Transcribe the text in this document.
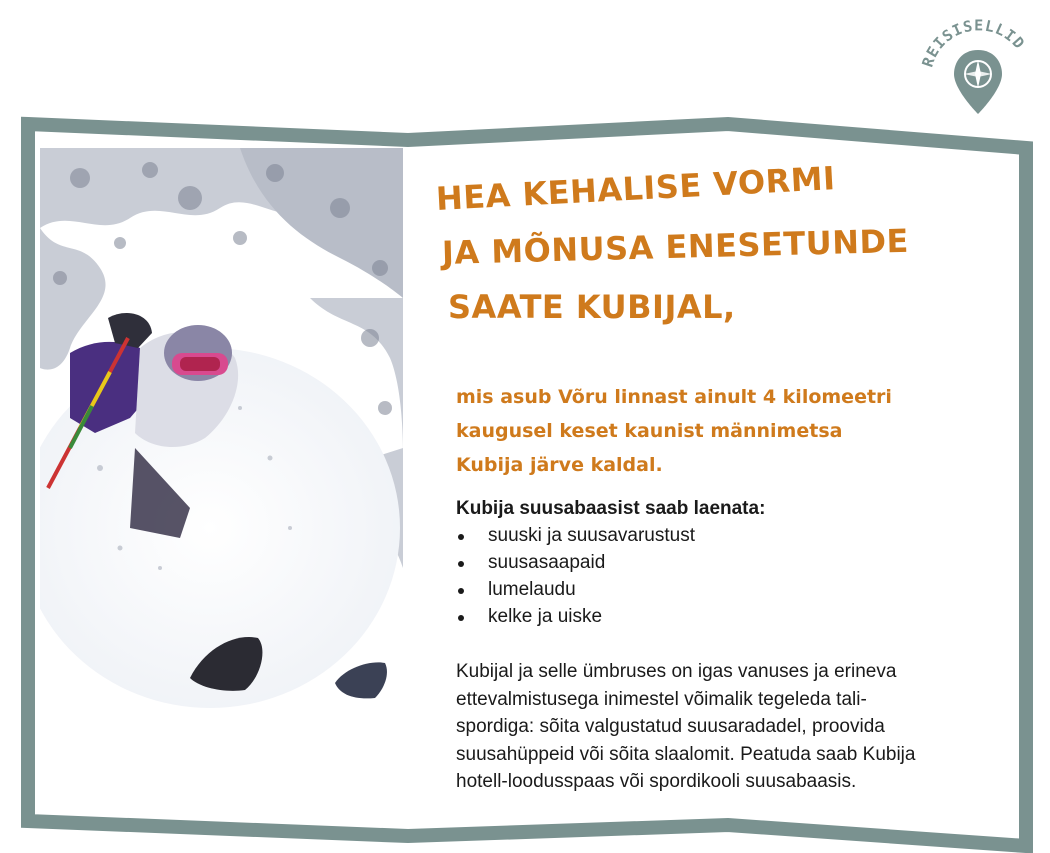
HEA KEHALISE VORMI
JA MÕNUSA ENESETUNDE
SAATE KUBIJAL,

mis asub Võru linnast ainult 4 kilomeetri
kaugusel keset kaunist männimetsa
Kubija järve kaldal.

Kubija suusabaasist saab laenata:

suuski ja suusavarustust
suusasaapaid
lumelaudu
kelke ja uiske

Kubijal ja selle ümbruses on igas vanuses ja erineva
ettevalmistusega inimestel võimalik tegeleda tali-
spordiga: sõita valgustatud suusaradadel, proovida
suusahüppeid või sõita slaalomit. Peatuda saab Kubija
hotell-loodusspaas või spordikooli suusabaasis.

REISISELLID
